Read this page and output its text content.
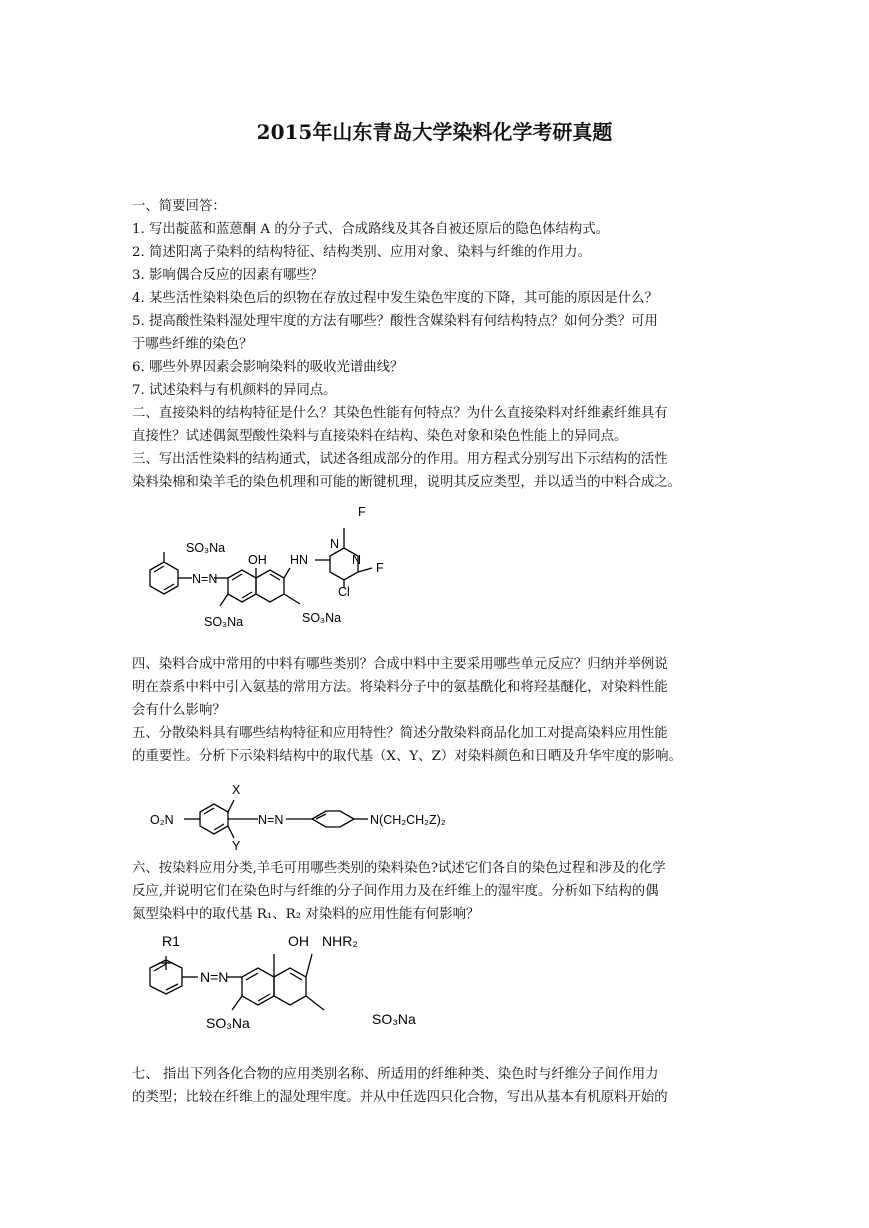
2015年山东青岛大学染料化学考研真题
一、简要回答：
1. 写出靛蓝和蓝蒽酮 A 的分子式、合成路线及其各自被还原后的隐色体结构式。
2. 简述阳离子染料的结构特征、结构类别、应用对象、染料与纤维的作用力。
3. 影响偶合反应的因素有哪些？
4. 某些活性染料染色后的织物在存放过程中发生染色牢度的下降，其可能的原因是什么？
5. 提高酸性染料湿处理牢度的方法有哪些？酸性含媒染料有何结构特点？如何分类？可用
于哪些纤维的染色？
6. 哪些外界因素会影响染料的吸收光谱曲线？
7. 试述染料与有机颜料的异同点。
二、直接染料的结构特征是什么？其染色性能有何特点？为什么直接染料对纤维素纤维具有
直接性？试述偶氮型酸性染料与直接染料在结构、染色对象和染色性能上的异同点。
三、写出活性染料的结构通式，试述各组成部分的作用。用方程式分别写出下示结构的活性
染料染棉和染羊毛的染色机理和可能的断键机理，说明其反应类型，并以适当的中料合成之。
四、染料合成中常用的中料有哪些类别？合成中料中主要采用哪些单元反应？归纳并举例说
明在萘系中料中引入氨基的常用方法。将染料分子中的氨基酰化和将羟基醚化，对染料性能
会有什么影响？
五、分散染料具有哪些结构特征和应用特性？简述分散染料商品化加工对提高染料应用性能
的重要性。分析下示染料结构中的取代基（X、Y、Z）对染料颜色和日晒及升华牢度的影响。
六、按染料应用分类,羊毛可用哪些类别的染料染色?试述它们各自的染色过程和涉及的化学
反应,并说明它们在染色时与纤维的分子间作用力及在纤维上的湿牢度。分析如下结构的偶
氮型染料中的取代基 R₁、R₂ 对染料的应用性能有何影响？
七、 指出下列各化合物的应用类别名称、所适用的纤维种类、染色时与纤维分子间作用力
的类型；比较在纤维上的湿处理牢度。并从中任选四只化合物，写出从基本有机原料开始的
SO₃Na
N=N
OH HN
F
N
N
F
Cl
SO₃Na	SO₃Na
X
O₂N	N=N	N(CH₂CH₂Z)₂
Y
R1	OH NHR₂
N=N
SO₃Na	SO₃Na
